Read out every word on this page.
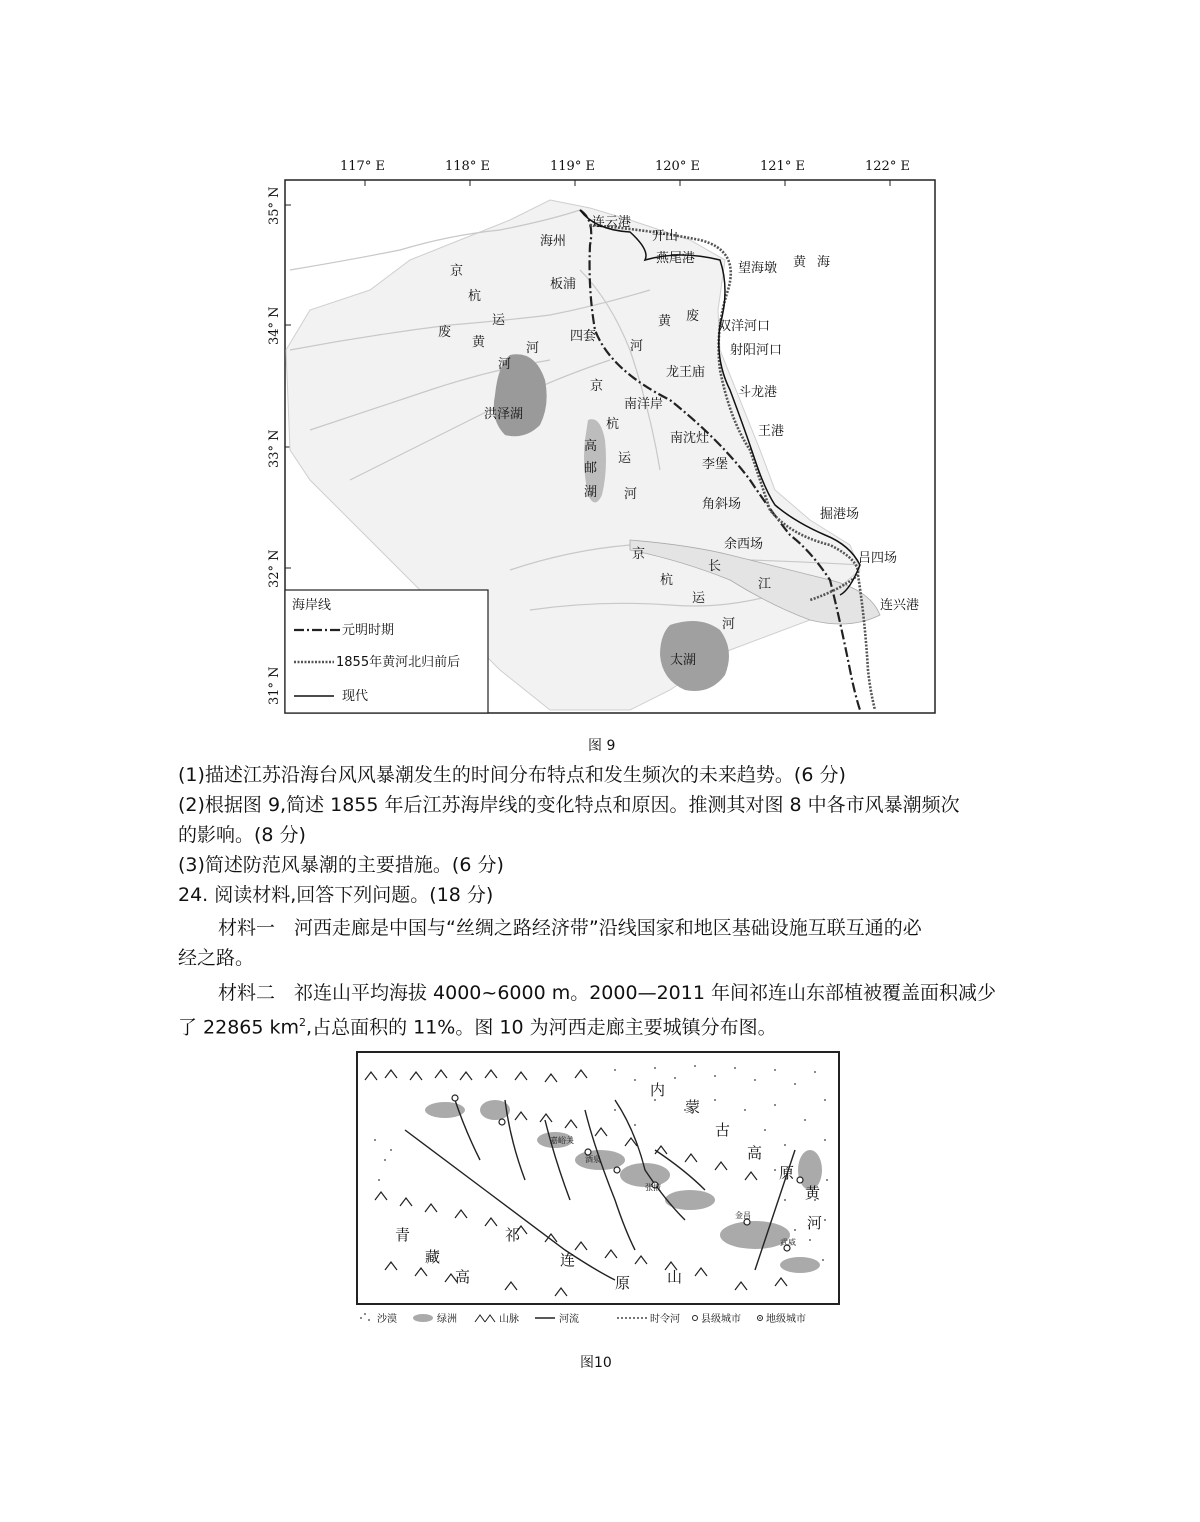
117° E	118° E	119° E	120° E	121° E	122° E
35° N
34° N
33° N
32° N
31° N
连云港
海州	开山
燕尾港
望海墩 黄 海
板浦
黄 废
双洋河口
四套
河	射阳河口
龙王庙
斗龙港
南洋岸
王港
南沈灶
李堡
角斜场
掘港场
余西场
吕四场
连兴港
洪泽湖
高
邮
湖
太湖
长
江
京
杭
运
河
废
黄
河
京
杭
运
河
京
杭
运
河
海岸线
元明时期
1855年黄河北归前后
现代
图 9
(1)描述江苏沿海台风风暴潮发生的时间分布特点和发生频次的未来趋势。(6 分)
(2)根据图 9,简述 1855 年后江苏海岸线的变化特点和原因。推测其对图 8 中各市风暴潮频次
的影响。(8 分)
(3)简述防范风暴潮的主要措施。(6 分)
24. 阅读材料,回答下列问题。(18 分)
材料一　河西走廊是中国与“丝绸之路经济带”沿线国家和地区基础设施互联互通的必
经之路。
材料二　祁连山平均海拔 4000~6000 m。2000—2011 年间祁连山东部植被覆盖面积减少
了 22865 $km^2$,占总面积的 11%。图 10 为河西走廊主要城镇分布图。
内
蒙
古
高
原
青
藏
高	原
祁
连
山
嘉峪关
酒泉
张掖
金昌
武威
黄
河
沙漠	绿洲	山脉	河流	时令河 县级城市	地级城市
图10
